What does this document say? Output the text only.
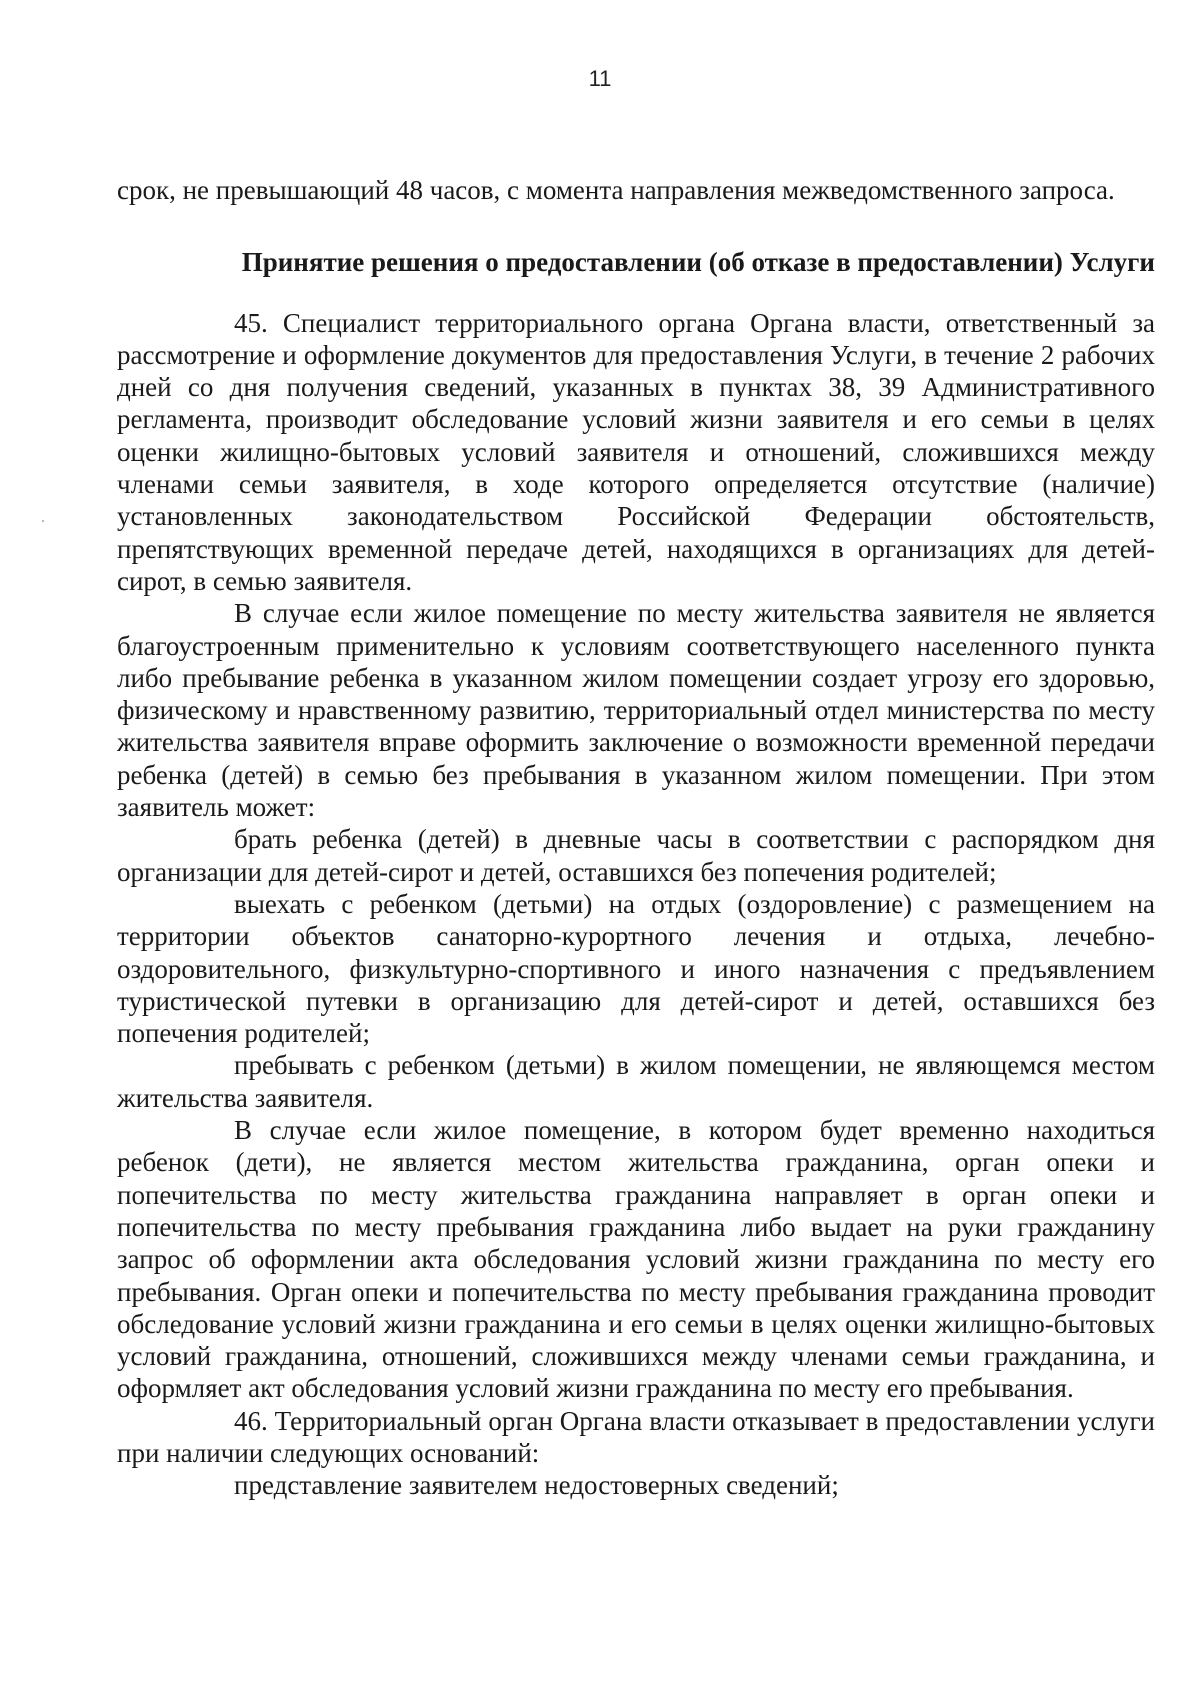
11

срок, не превышающий 48 часов, с момента направления межведомственного запроса.

Принятие решения о предоставлении (об отказе в предоставлении) Услуги

45. Специалист территориального органа Органа власти, ответственный за рассмотрение и оформление документов для предоставления Услуги, в течение 2 рабочих дней со дня получения сведений, указанных в пунктах 38, 39 Административного регламента, производит обследование условий жизни заявителя и его семьи в целях оценки жилищно-бытовых условий заявителя и отношений, сложившихся между членами семьи заявителя, в ходе которого определяется отсутствие (наличие) установленных законодательством Российской Федерации обстоятельств, препятствующих временной передаче детей, находящихся в организациях для детей-сирот, в семью заявителя.

В случае если жилое помещение по месту жительства заявителя не является благоустроенным применительно к условиям соответствующего населенного пункта либо пребывание ребенка в указанном жилом помещении создает угрозу его здоровью, физическому и нравственному развитию, территориальный отдел министерства по месту жительства заявителя вправе оформить заключение о возможности временной передачи ребенка (детей) в семью без пребывания в указанном жилом помещении. При этом заявитель может:

брать ребенка (детей) в дневные часы в соответствии с распорядком дня организации для детей-сирот и детей, оставшихся без попечения родителей;

выехать с ребенком (детьми) на отдых (оздоровление) с размещением на территории объектов санаторно-курортного лечения и отдыха, лечебно-оздоровительного, физкультурно-спортивного и иного назначения с предъявлением туристической путевки в организацию для детей-сирот и детей, оставшихся без попечения родителей;

пребывать с ребенком (детьми) в жилом помещении, не являющемся местом жительства заявителя.

В случае если жилое помещение, в котором будет временно находиться ребенок (дети), не является местом жительства гражданина, орган опеки и попечительства по месту жительства гражданина направляет в орган опеки и попечительства по месту пребывания гражданина либо выдает на руки гражданину запрос об оформлении акта обследования условий жизни гражданина по месту его пребывания. Орган опеки и попечительства по месту пребывания гражданина проводит обследование условий жизни гражданина и его семьи в целях оценки жилищно-бытовых условий гражданина, отношений, сложившихся между членами семьи гражданина, и оформляет акт обследования условий жизни гражданина по месту его пребывания.

46. Территориальный орган Органа власти отказывает в предоставлении услуги при наличии следующих оснований:

представление заявителем недостоверных сведений;
